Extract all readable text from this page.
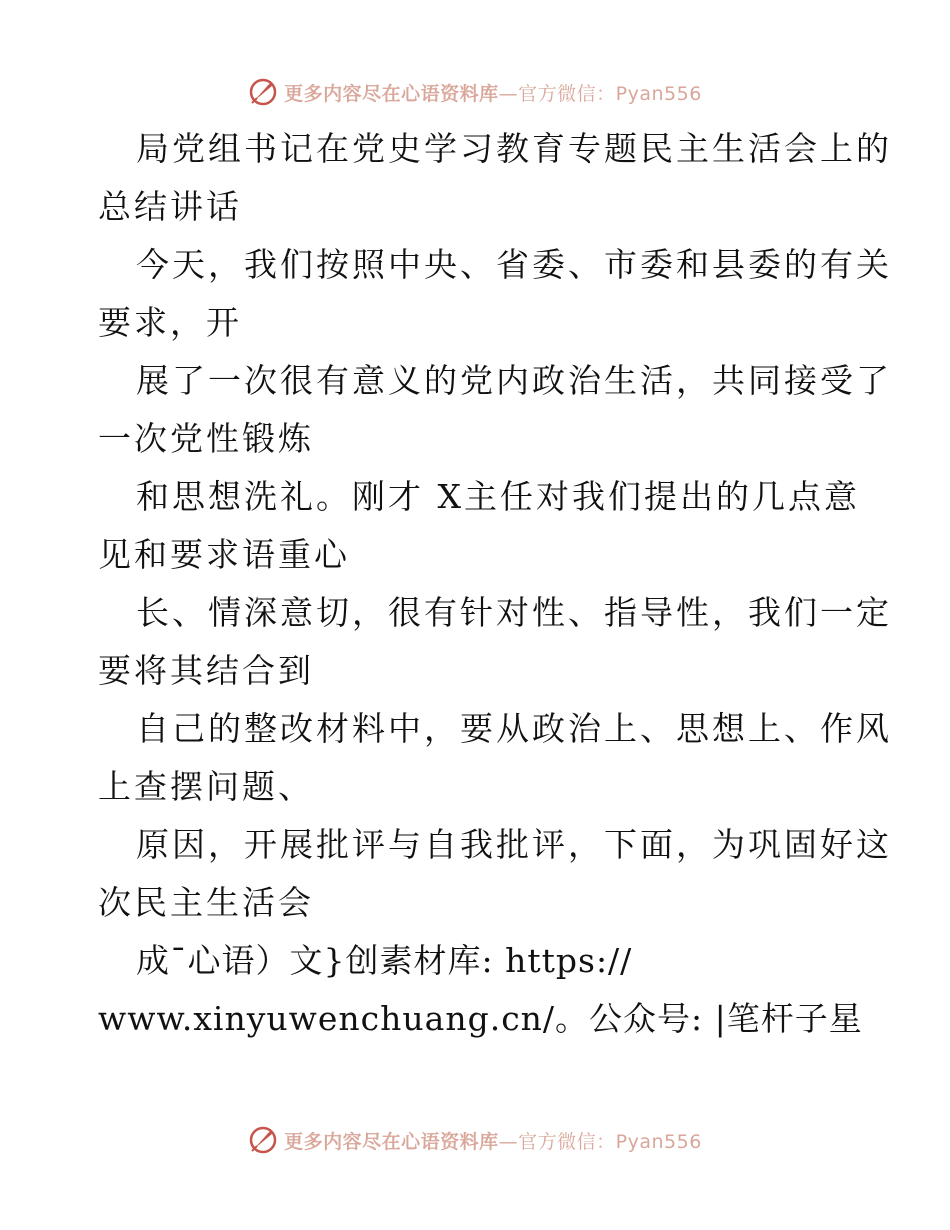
更多内容尽在心语资料库—官方微信：Pyan556
局党组书记在党史学习教育专题民主生活会上的
总结讲话
今天，我们按照中央、省委、市委和县委的有关
要求，开
展了一次很有意义的党内政治生活，共同接受了
一次党性锻炼
和思想洗礼。刚才 X主任对我们提出的几点意
见和要求语重心
长、情深意切，很有针对性、指导性，我们一定
要将其结合到
自己的整改材料中，要从政治上、思想上、作风
上查摆问题、
原因，开展批评与自我批评，下面，为巩固好这
次民主生活会
成¯心语）文}创素材库: https://
www.xinyuwenchuang.cn/。公众号: |笔杆子星
更多内容尽在心语资料库—官方微信：Pyan556
